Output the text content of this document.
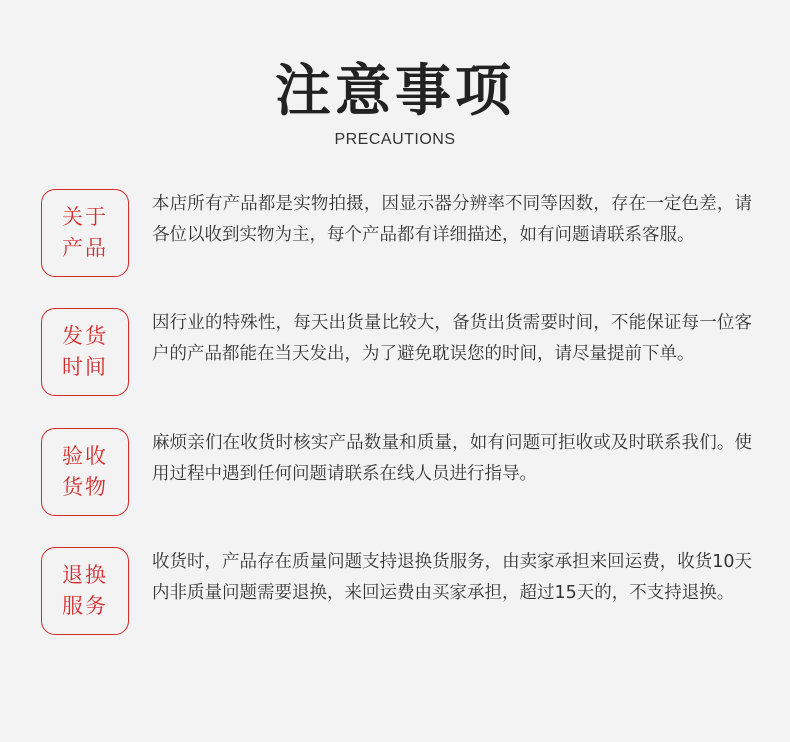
注意事项
PRECAUTIONS
关于
产品
本店所有产品都是实物拍摄，因显示器分辨率不同等因数，存在一定色差，请各位以收到实物为主，每个产品都有详细描述，如有问题请联系客服。
发货
时间
因行业的特殊性，每天出货量比较大，备货出货需要时间，不能保证每一位客户的产品都能在当天发出，为了避免耽误您的时间，请尽量提前下单。
验收
货物
麻烦亲们在收货时核实产品数量和质量，如有问题可拒收或及时联系我们。使用过程中遇到任何问题请联系在线人员进行指导。
退换
服务
收货时，产品存在质量问题支持退换货服务，由卖家承担来回运费，收货10天内非质量问题需要退换，来回运费由买家承担，超过15天的，不支持退换。
